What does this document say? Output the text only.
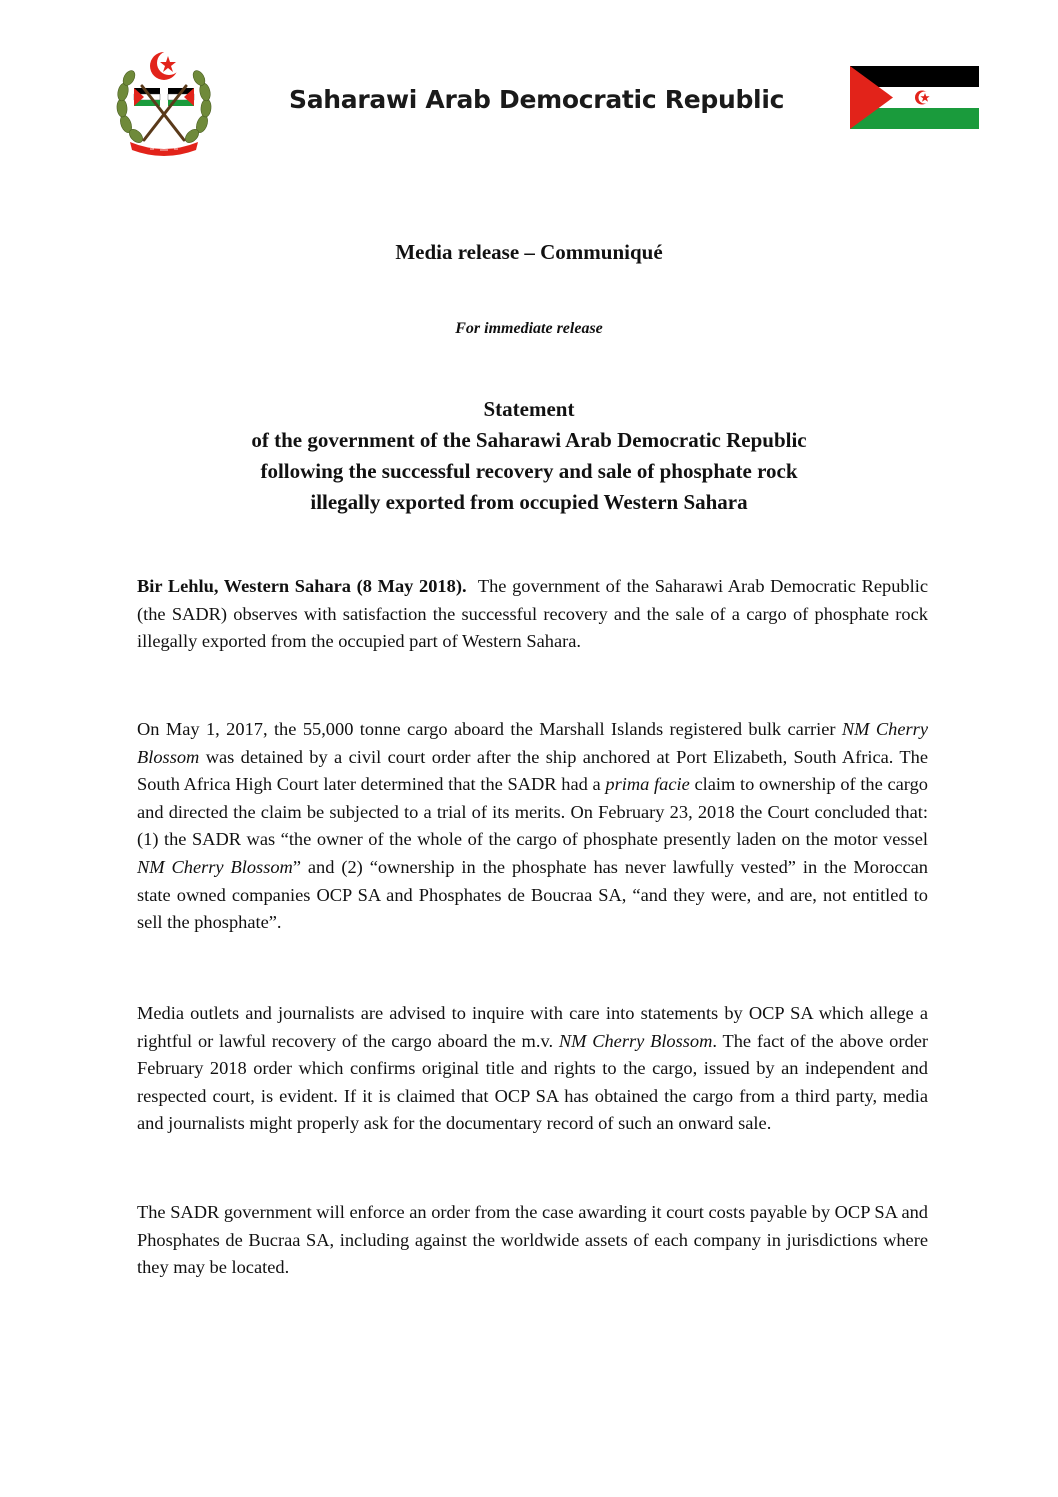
Saharawi Arab Democratic Republic
Media release – Communiqué
For immediate release
Statement
of the government of the Saharawi Arab Democratic Republic
following the successful recovery and sale of phosphate rock
illegally exported from occupied Western Sahara

Bir Lehlu, Western Sahara (8 May 2018). The government of the Saharawi Arab Democratic Republic (the SADR) observes with satisfaction the successful recovery and the sale of a cargo of phosphate rock illegally exported from the occupied part of Western Sahara.

On May 1, 2017, the 55,000 tonne cargo aboard the Marshall Islands registered bulk carrier NM Cherry Blossom was detained by a civil court order after the ship anchored at Port Elizabeth, South Africa. The South Africa High Court later determined that the SADR had a prima facie claim to ownership of the cargo and directed the claim be subjected to a trial of its merits. On February 23, 2018 the Court concluded that: (1) the SADR was “the owner of the whole of the cargo of phosphate presently laden on the motor vessel NM Cherry Blossom” and (2) “ownership in the phosphate has never lawfully vested” in the Moroccan state owned companies OCP SA and Phosphates de Boucraa SA, “and they were, and are, not entitled to sell the phosphate”.

Media outlets and journalists are advised to inquire with care into statements by OCP SA which allege a rightful or lawful recovery of the cargo aboard the m.v. NM Cherry Blossom. The fact of the above order February 2018 order which confirms original title and rights to the cargo, issued by an independent and respected court, is evident. If it is claimed that OCP SA has obtained the cargo from a third party, media and journalists might properly ask for the documentary record of such an onward sale.

The SADR government will enforce an order from the case awarding it court costs payable by OCP SA and Phosphates de Bucraa SA, including against the worldwide assets of each company in jurisdictions where they may be located.
